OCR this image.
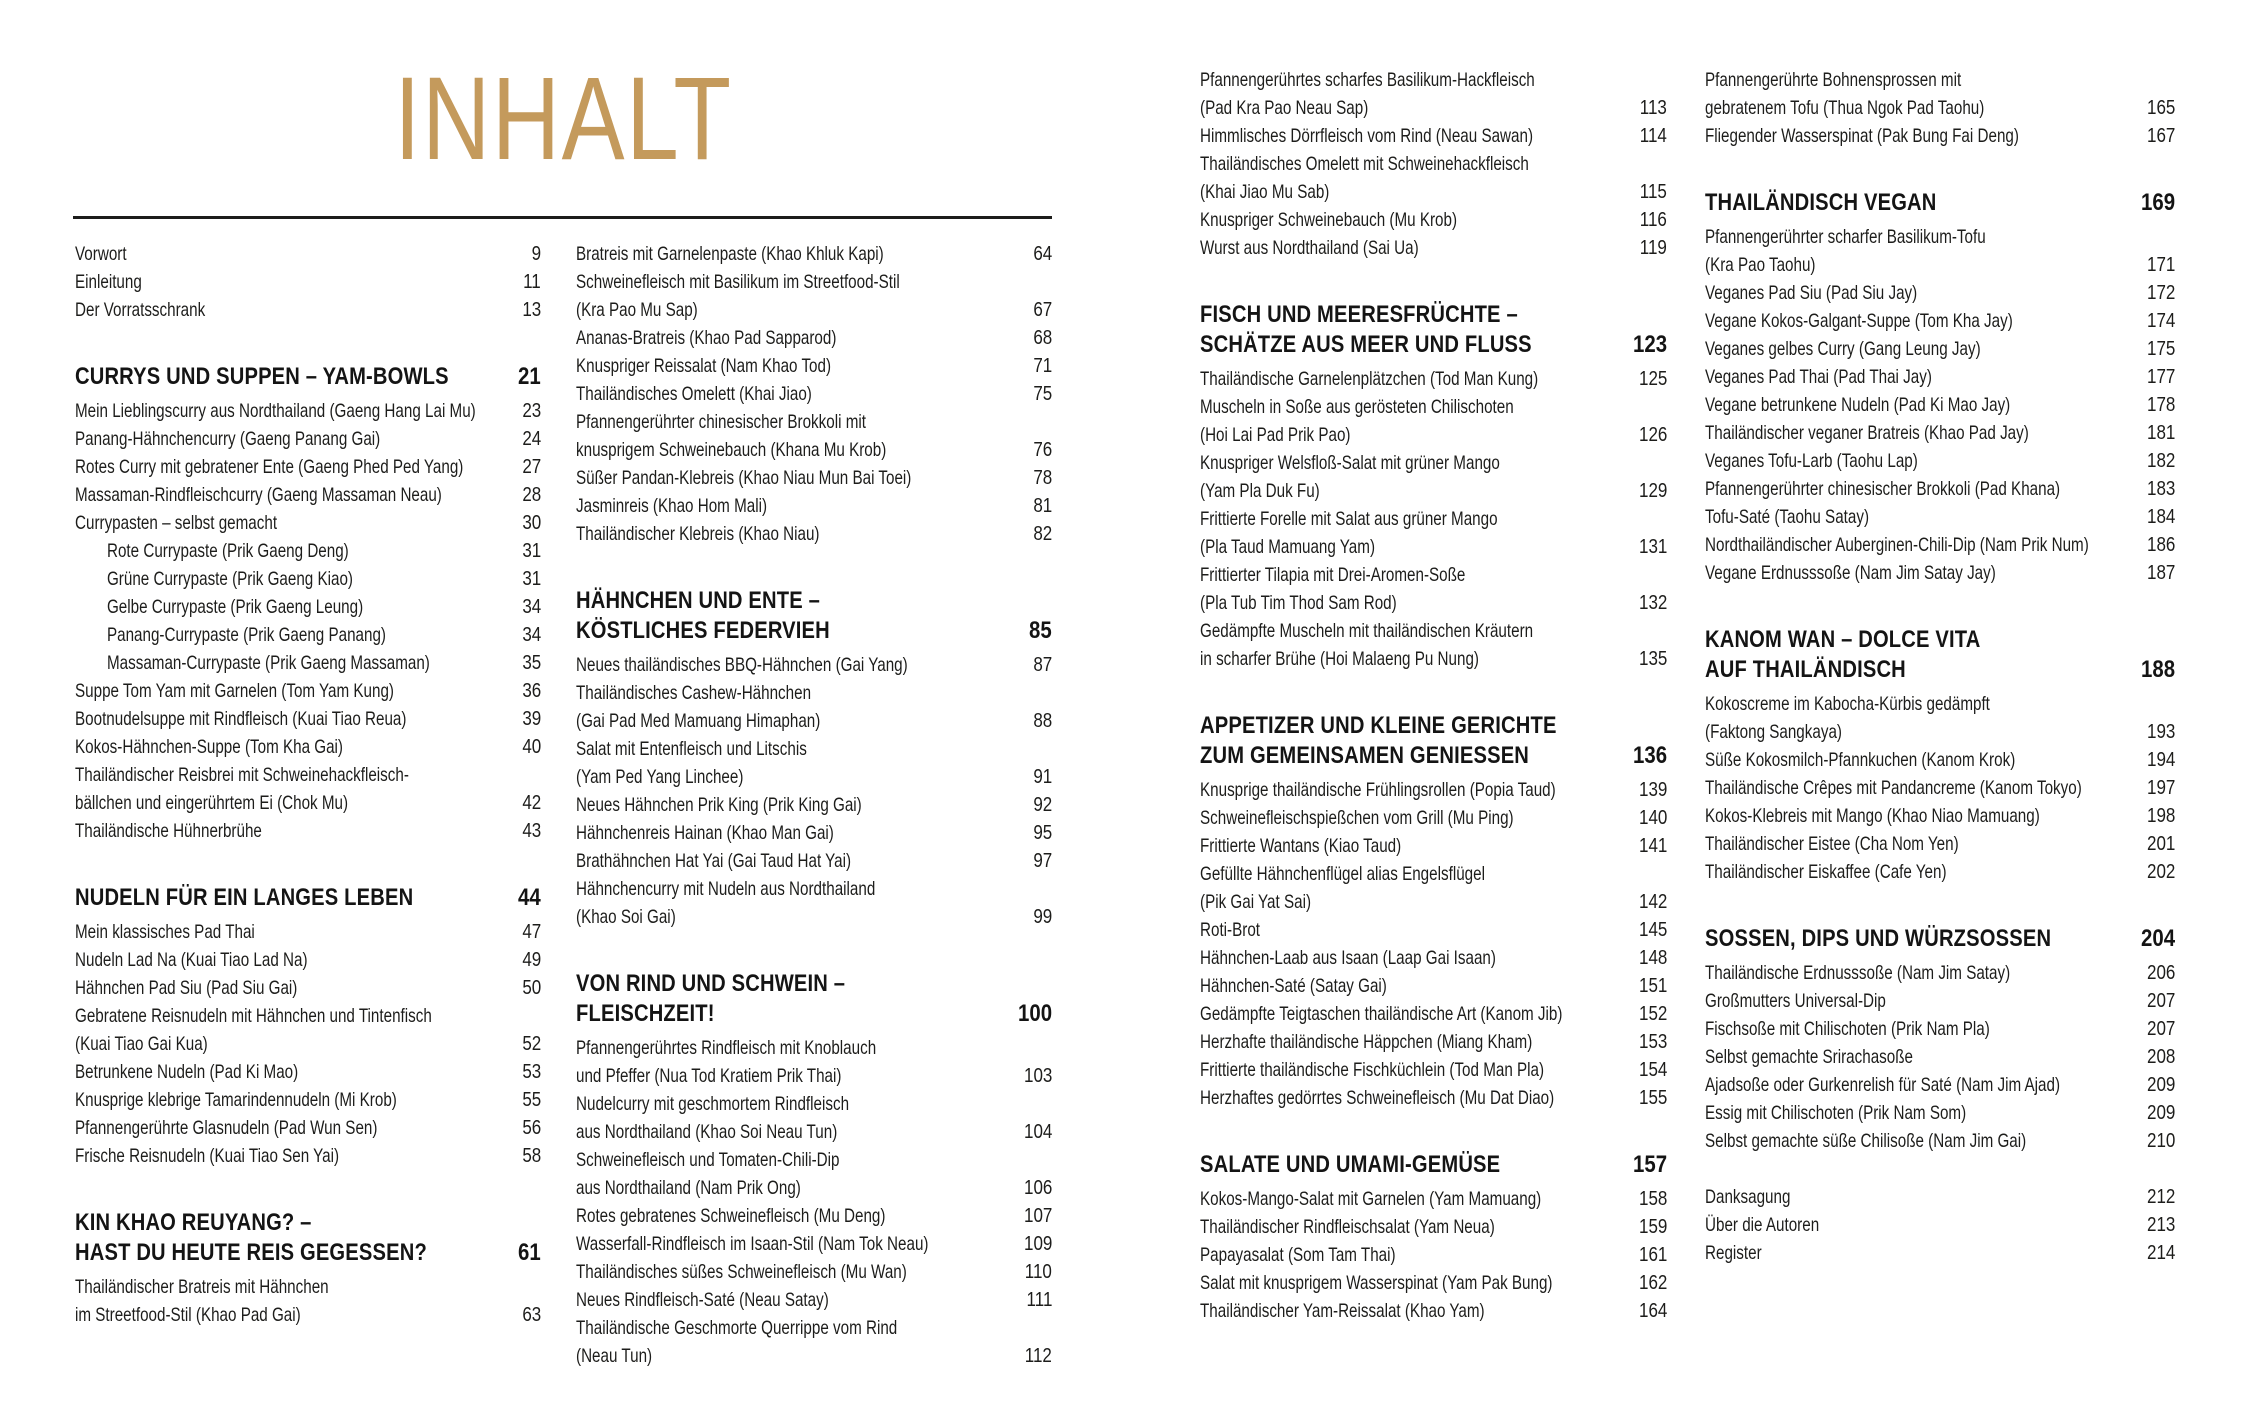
INHALT
Vorwort	9
Einleitung	11
Der Vorratsschrank	13
CURRYS UND SUPPEN – YAM-BOWLS	21
Mein Lieblingscurry aus Nordthailand (Gaeng Hang Lai Mu) 23
Panang-Hähnchencurry (Gaeng Panang Gai)	24
Rotes Curry mit gebratener Ente (Gaeng Phed Ped Yang)	27
Massaman-Rindfleischcurry (Gaeng Massaman Neau)	28
Currypasten – selbst gemacht	30
Rote Currypaste (Prik Gaeng Deng)	31
Grüne Currypaste (Prik Gaeng Kiao)	31
Gelbe Currypaste (Prik Gaeng Leung)	34
Panang-Currypaste (Prik Gaeng Panang)	34
Massaman-Currypaste (Prik Gaeng Massaman)	35
Suppe Tom Yam mit Garnelen (Tom Yam Kung)	36
Bootnudelsuppe mit Rindfleisch (Kuai Tiao Reua)	39
Kokos-Hähnchen-Suppe (Tom Kha Gai)	40
Thailändischer Reisbrei mit Schweinehackfleisch-
bällchen und eingerührtem Ei (Chok Mu)	42
Thailändische Hühnerbrühe	43
NUDELN FÜR EIN LANGES LEBEN	44
Mein klassisches Pad Thai	47
Nudeln Lad Na (Kuai Tiao Lad Na)	49
Hähnchen Pad Siu (Pad Siu Gai)	50
Gebratene Reisnudeln mit Hähnchen und Tintenfisch
(Kuai Tiao Gai Kua)	52
Betrunkene Nudeln (Pad Ki Mao)	53
Knusprige klebrige Tamarindennudeln (Mi Krob)	55
Pfannengerührte Glasnudeln (Pad Wun Sen)	56
Frische Reisnudeln (Kuai Tiao Sen Yai)	58
KIN KHAO REUYANG? –
HAST DU HEUTE REIS GEGESSEN?	61
Thailändischer Bratreis mit Hähnchen
im Streetfood-Stil (Khao Pad Gai)	63
Bratreis mit Garnelenpaste (Khao Khluk Kapi)	64
Schweinefleisch mit Basilikum im Streetfood-Stil
(Kra Pao Mu Sap)	67
Ananas-Bratreis (Khao Pad Sapparod)	68
Knuspriger Reissalat (Nam Khao Tod)	71
Thailändisches Omelett (Khai Jiao)	75
Pfannengerührter chinesischer Brokkoli mit
knusprigem Schweinebauch (Khana Mu Krob)	76
Süßer Pandan-Klebreis (Khao Niau Mun Bai Toei)	78
Jasminreis (Khao Hom Mali)	81
Thailändischer Klebreis (Khao Niau)	82
HÄHNCHEN UND ENTE –
KÖSTLICHES FEDERVIEH	85
Neues thailändisches BBQ-Hähnchen (Gai Yang)	87
Thailändisches Cashew-Hähnchen
(Gai Pad Med Mamuang Himaphan)	88
Salat mit Entenfleisch und Litschis
(Yam Ped Yang Linchee)	91
Neues Hähnchen Prik King (Prik King Gai)	92
Hähnchenreis Hainan (Khao Man Gai)	95
Brathähnchen Hat Yai (Gai Taud Hat Yai)	97
Hähnchencurry mit Nudeln aus Nordthailand
(Khao Soi Gai)	99
VON RIND UND SCHWEIN –
FLEISCHZEIT!	100
Pfannengerührtes Rindfleisch mit Knoblauch
und Pfeffer (Nua Tod Kratiem Prik Thai)	103
Nudelcurry mit geschmortem Rindfleisch
aus Nordthailand (Khao Soi Neau Tun)	104
Schweinefleisch und Tomaten-Chili-Dip
aus Nordthailand (Nam Prik Ong)	106
Rotes gebratenes Schweinefleisch (Mu Deng)	107
Wasserfall-Rindfleisch im Isaan-Stil (Nam Tok Neau)	109
Thailändisches süßes Schweinefleisch (Mu Wan)	110
Neues Rindfleisch-Saté (Neau Satay)	111
Thailändische Geschmorte Querrippe vom Rind
(Neau Tun)	112
Pfannengerührtes scharfes Basilikum-Hackfleisch
(Pad Kra Pao Neau Sap)	113
Himmlisches Dörrfleisch vom Rind (Neau Sawan)	114
Thailändisches Omelett mit Schweinehackfleisch
(Khai Jiao Mu Sab)	115
Knuspriger Schweinebauch (Mu Krob)	116
Wurst aus Nordthailand (Sai Ua)	119
FISCH UND MEERESFRÜCHTE –
SCHÄTZE AUS MEER UND FLUSS	123
Thailändische Garnelenplätzchen (Tod Man Kung)	125
Muscheln in Soße aus gerösteten Chilischoten
(Hoi Lai Pad Prik Pao)	126
Knuspriger Welsfloß-Salat mit grüner Mango
(Yam Pla Duk Fu)	129
Frittierte Forelle mit Salat aus grüner Mango
(Pla Taud Mamuang Yam)	131
Frittierter Tilapia mit Drei-Aromen-Soße
(Pla Tub Tim Thod Sam Rod)	132
Gedämpfte Muscheln mit thailändischen Kräutern
in scharfer Brühe (Hoi Malaeng Pu Nung)	135
APPETIZER UND KLEINE GERICHTE
ZUM GEMEINSAMEN GENIESSEN	136
Knusprige thailändische Frühlingsrollen (Popia Taud)	139
Schweinefleischspießchen vom Grill (Mu Ping)	140
Frittierte Wantans (Kiao Taud)	141
Gefüllte Hähnchenflügel alias Engelsflügel
(Pik Gai Yat Sai)	142
Roti-Brot	145
Hähnchen-Laab aus Isaan (Laap Gai Isaan)	148
Hähnchen-Saté (Satay Gai)	151
Gedämpfte Teigtaschen thailändische Art (Kanom Jib)	152
Herzhafte thailändische Häppchen (Miang Kham)	153
Frittierte thailändische Fischküchlein (Tod Man Pla)	154
Herzhaftes gedörrtes Schweinefleisch (Mu Dat Diao)	155
SALATE UND UMAMI-GEMÜSE	157
Kokos-Mango-Salat mit Garnelen (Yam Mamuang)	158
Thailändischer Rindfleischsalat (Yam Neua)	159
Papayasalat (Som Tam Thai)	161
Salat mit knusprigem Wasserspinat (Yam Pak Bung)	162
Thailändischer Yam-Reissalat (Khao Yam)	164
Pfannengerührte Bohnensprossen mit
gebratenem Tofu (Thua Ngok Pad Taohu)	165
Fliegender Wasserspinat (Pak Bung Fai Deng)	167
THAILÄNDISCH VEGAN	169
Pfannengerührter scharfer Basilikum-Tofu
(Kra Pao Taohu)	171
Veganes Pad Siu (Pad Siu Jay)	172
Vegane Kokos-Galgant-Suppe (Tom Kha Jay)	174
Veganes gelbes Curry (Gang Leung Jay)	175
Veganes Pad Thai (Pad Thai Jay)	177
Vegane betrunkene Nudeln (Pad Ki Mao Jay)	178
Thailändischer veganer Bratreis (Khao Pad Jay)	181
Veganes Tofu-Larb (Taohu Lap)	182
Pfannengerührter chinesischer Brokkoli (Pad Khana)	183
Tofu-Saté (Taohu Satay)	184
Nordthailändischer Auberginen-Chili-Dip (Nam Prik Num)	186
Vegane Erdnusssoße (Nam Jim Satay Jay)	187
KANOM WAN – DOLCE VITA
AUF THAILÄNDISCH	188
Kokoscreme im Kabocha-Kürbis gedämpft
(Faktong Sangkaya)	193
Süße Kokosmilch-Pfannkuchen (Kanom Krok)	194
Thailändische Crêpes mit Pandancreme (Kanom Tokyo)	197
Kokos-Klebreis mit Mango (Khao Niao Mamuang)	198
Thailändischer Eistee (Cha Nom Yen)	201
Thailändischer Eiskaffee (Cafe Yen)	202
SOSSEN, DIPS UND WÜRZSOSSEN	204
Thailändische Erdnusssoße (Nam Jim Satay)	206
Großmutters Universal-Dip	207
Fischsoße mit Chilischoten (Prik Nam Pla)	207
Selbst gemachte Srirachasoße	208
Ajadsoße oder Gurkenrelish für Saté (Nam Jim Ajad)	209
Essig mit Chilischoten (Prik Nam Som)	209
Selbst gemachte süße Chilisoße (Nam Jim Gai)	210
Danksagung	212
Über die Autoren	213
Register	214
